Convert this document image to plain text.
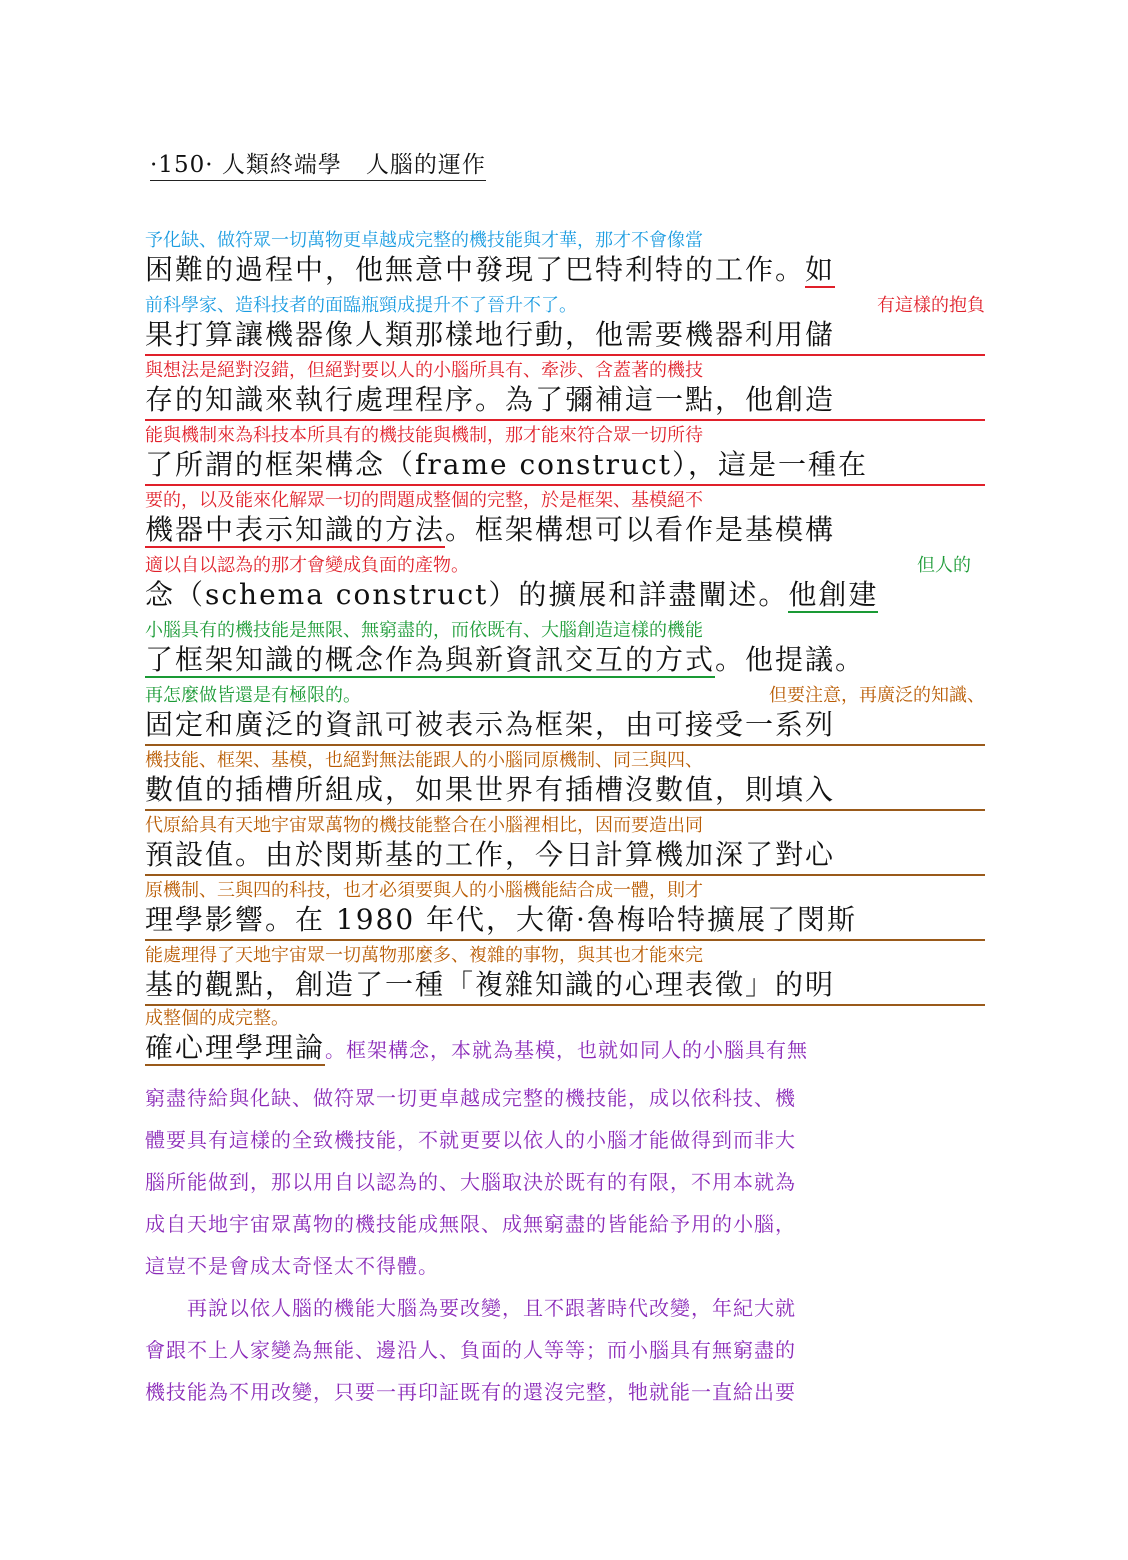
·150· 人類終端學　人腦的運作
予化缺、做符眾一切萬物更卓越成完整的機技能與才華，那才不會像當
困難的過程中，他無意中發現了巴特利特的工作。如
前科學家、造科技者的面臨瓶頸成提升不了晉升不了。	有這樣的抱負
果打算讓機器像人類那樣地行動，他需要機器利用儲
與想法是絕對沒錯，但絕對要以人的小腦所具有、牽涉、含蓋著的機技
存的知識來執行處理程序。為了彌補這一點，他創造
能與機制來為科技本所具有的機技能與機制，那才能來符合眾一切所待
了所謂的框架構念（frame construct），這是一種在
要的，以及能來化解眾一切的問題成整個的完整，於是框架、基模絕不
機器中表示知識的方法。框架構想可以看作是基模構
適以自以認為的那才會變成負面的產物。	但人的
念（schema construct）的擴展和詳盡闡述。他創建
小腦具有的機技能是無限、無窮盡的，而依既有、大腦創造這樣的機能
了框架知識的概念作為與新資訊交互的方式。他提議。
再怎麼做皆還是有極限的。	但要注意，再廣泛的知識、
固定和廣泛的資訊可被表示為框架，由可接受一系列
機技能、框架、基模，也絕對無法能跟人的小腦同原機制、同三與四、
數值的插槽所組成，如果世界有插槽沒數值，則填入
代原給具有天地宇宙眾萬物的機技能整合在小腦裡相比，因而要造出同
預設值。由於閔斯基的工作，今日計算機加深了對心
原機制、三與四的科技，也才必須要與人的小腦機能結合成一體，則才
理學影響。在 1980 年代，大衛·魯梅哈特擴展了閔斯
能處理得了天地宇宙眾一切萬物那麼多、複雜的事物，與其也才能來完
基的觀點，創造了一種「複雜知識的心理表徵」的明
成整個的成完整。
確心理學理論。框架構念，本就為基模，也就如同人的小腦具有無
窮盡待給與化缺、做符眾一切更卓越成完整的機技能，成以依科技、機
體要具有這樣的全致機技能，不就更要以依人的小腦才能做得到而非大
腦所能做到，那以用自以認為的、大腦取決於既有的有限，不用本就為
成自天地宇宙眾萬物的機技能成無限、成無窮盡的皆能給予用的小腦，
這豈不是會成太奇怪太不得體。
　　再說以依人腦的機能大腦為要改變，且不跟著時代改變，年紀大就
會跟不上人家變為無能、邊沿人、負面的人等等；而小腦具有無窮盡的
機技能為不用改變，只要一再印証既有的還沒完整，牠就能一直給出要
